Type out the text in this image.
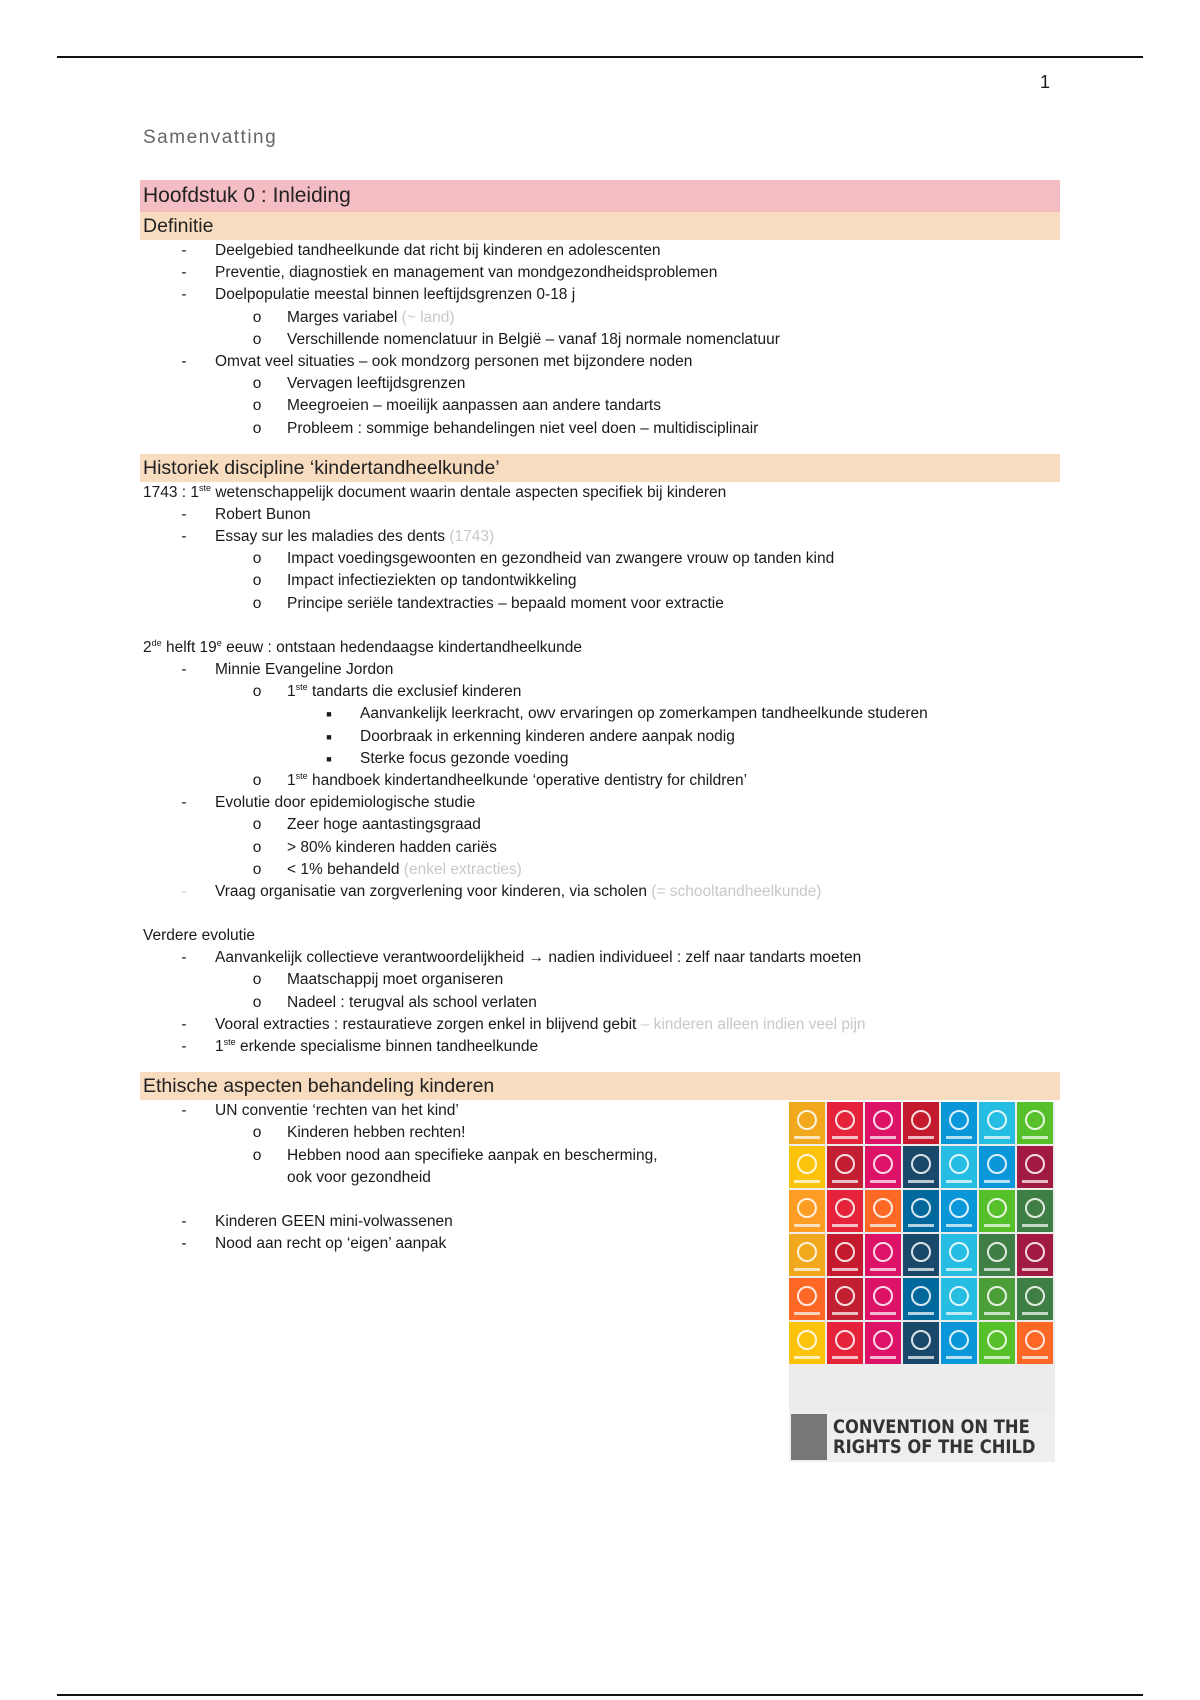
1
Samenvatting
Hoofdstuk 0 : Inleiding
Definitie
-	Deelgebied tandheelkunde dat richt bij kinderen en adolescenten
-	Preventie, diagnostiek en management van mondgezondheidsproblemen
-	Doelpopulatie meestal binnen leeftijdsgrenzen 0-18 j
o Marges variabel (~ land)
o Verschillende nomenclatuur in België – vanaf 18j normale nomenclatuur
-	Omvat veel situaties – ook mondzorg personen met bijzondere noden
o Vervagen leeftijdsgrenzen
o Meegroeien – moeilijk aanpassen aan andere tandarts
o Probleem : sommige behandelingen niet veel doen – multidisciplinair
Historiek discipline ‘kindertandheelkunde’
1743 : 1ste wetenschappelijk document waarin dentale aspecten specifiek bij kinderen
-	Robert Bunon
-	Essay sur les maladies des dents (1743)
o Impact voedingsgewoonten en gezondheid van zwangere vrouw op tanden kind
o Impact infectieziekten op tandontwikkeling
o Principe seriële tandextracties – bepaald moment voor extractie
2de helft 19e eeuw : ontstaan hedendaagse kindertandheelkunde
-	Minnie Evangeline Jordon
o 1ste tandarts die exclusief kinderen
■	Aanvankelijk leerkracht, owv ervaringen op zomerkampen tandheelkunde studeren
■	Doorbraak in erkenning kinderen andere aanpak nodig
■	Sterke focus gezonde voeding
o 1ste handboek kindertandheelkunde ‘operative dentistry for children’
-	Evolutie door epidemiologische studie
o Zeer hoge aantastingsgraad
o > 80% kinderen hadden cariës
o < 1% behandeld (enkel extracties)
-	Vraag organisatie van zorgverlening voor kinderen, via scholen (= schooltandheelkunde)
Verdere evolutie
-	Aanvankelijk collectieve verantwoordelijkheid → nadien individueel : zelf naar tandarts moeten
o Maatschappij moet organiseren
o Nadeel : terugval als school verlaten
-	Vooral extracties : restauratieve zorgen enkel in blijvend gebit – kinderen alleen indien veel pijn
-	1ste erkende specialisme binnen tandheelkunde
Ethische aspecten behandeling kinderen
-	UN conventie ‘rechten van het kind’
o Kinderen hebben rechten!
o Hebben nood aan specifieke aanpak en bescherming,
ook voor gezondheid
-	Kinderen GEEN mini-volwassenen
-	Nood aan recht op ‘eigen’ aanpak
CONVENTION ON THE
RIGHTS OF THE CHILD
